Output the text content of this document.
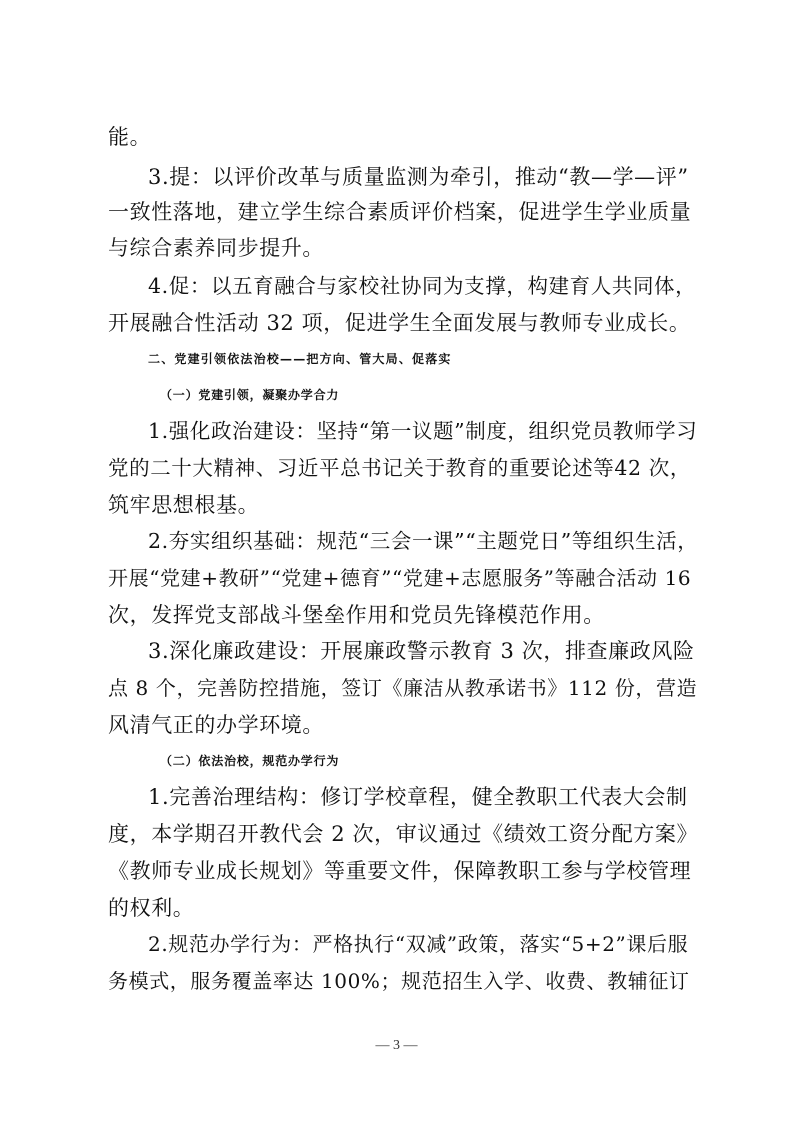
能。
3.提：以评价改革与质量监测为牵引，推动“教—学—评”
一致性落地，建立学生综合素质评价档案，促进学生学业质量
与综合素养同步提升。
4.促：以五育融合与家校社协同为支撑，构建育人共同体，
开展融合性活动 32 项，促进学生全面发展与教师专业成长。
二、党建引领依法治校——把方向、管大局、促落实
（一）党建引领，凝聚办学合力
1.强化政治建设：坚持“第一议题”制度，组织党员教师学习
党的二十大精神、习近平总书记关于教育的重要论述等42 次，
筑牢思想根基。
2.夯实组织基础：规范“三会一课”“主题党日”等组织生活，
开展“党建+教研”“党建+德育”“党建+志愿服务”等融合活动 16
次，发挥党支部战斗堡垒作用和党员先锋模范作用。
3.深化廉政建设：开展廉政警示教育 3 次，排查廉政风险
点 8 个，完善防控措施，签订《廉洁从教承诺书》112 份，营造
风清气正的办学环境。
（二）依法治校，规范办学行为
1.完善治理结构：修订学校章程，健全教职工代表大会制
度，本学期召开教代会 2 次，审议通过《绩效工资分配方案》
《教师专业成长规划》等重要文件，保障教职工参与学校管理
的权利。
2.规范办学行为：严格执行“双减”政策，落实“5+2”课后服
务模式，服务覆盖率达 100%；规范招生入学、收费、教辅征订
— 3 —
